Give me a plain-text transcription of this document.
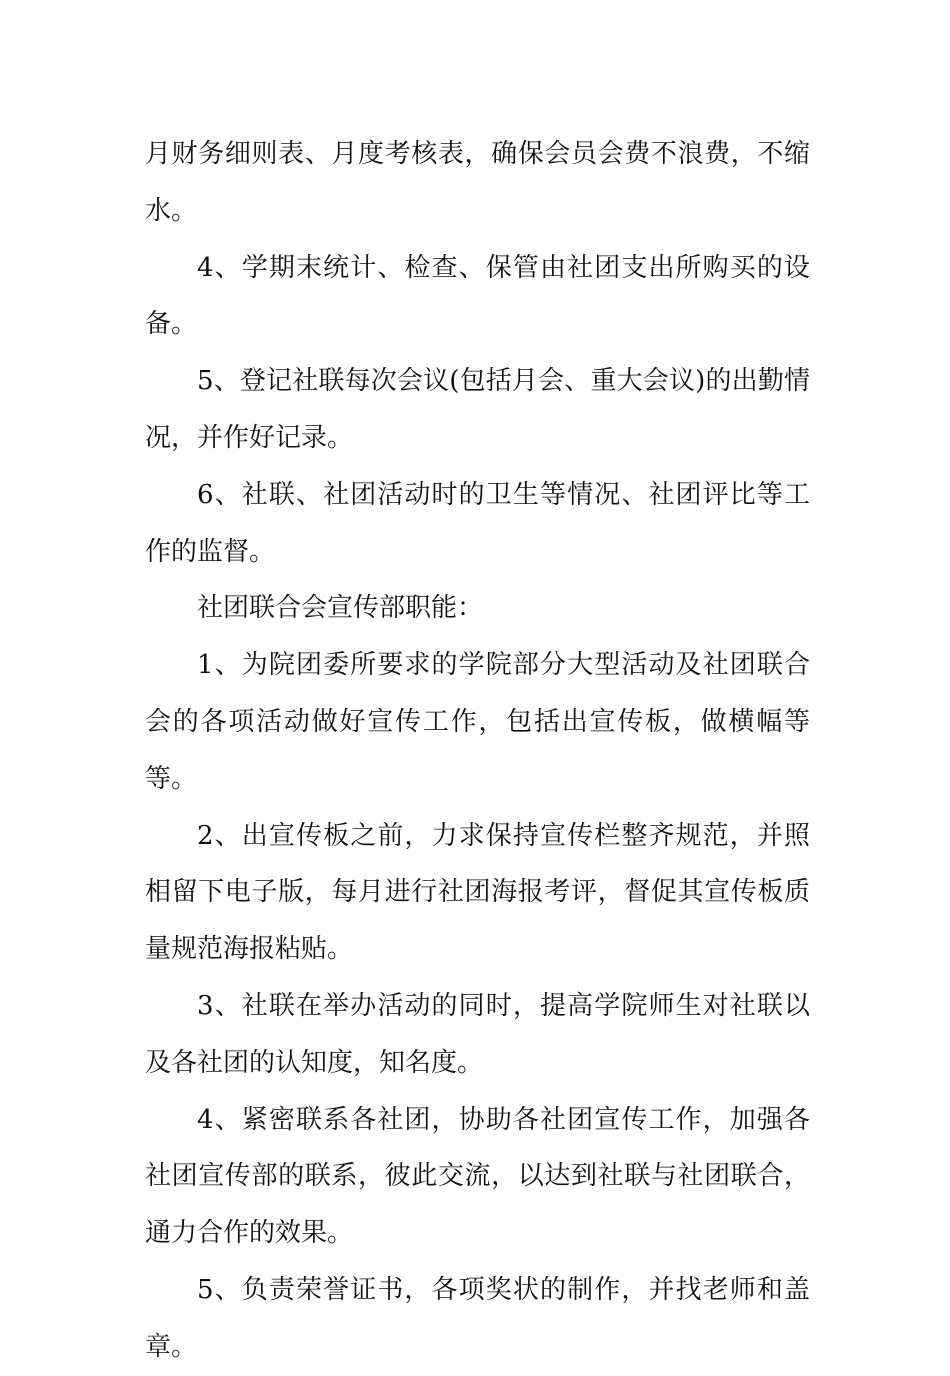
月财务细则表、月度考核表，确保会员会费不浪费，不缩水。

4、学期末统计、检查、保管由社团支出所购买的设备。

5、登记社联每次会议(包括月会、重大会议)的出勤情况，并作好记录。

6、社联、社团活动时的卫生等情况、社团评比等工作的监督。

社团联合会宣传部职能：

1、为院团委所要求的学院部分大型活动及社团联合会的各项活动做好宣传工作，包括出宣传板，做横幅等等。

2、出宣传板之前，力求保持宣传栏整齐规范，并照相留下电子版，每月进行社团海报考评，督促其宣传板质量规范海报粘贴。

3、社联在举办活动的同时，提高学院师生对社联以及各社团的认知度，知名度。

4、紧密联系各社团，协助各社团宣传工作，加强各社团宣传部的联系，彼此交流，以达到社联与社团联合，通力合作的效果。

5、负责荣誉证书，各项奖状的制作，并找老师和盖章。
